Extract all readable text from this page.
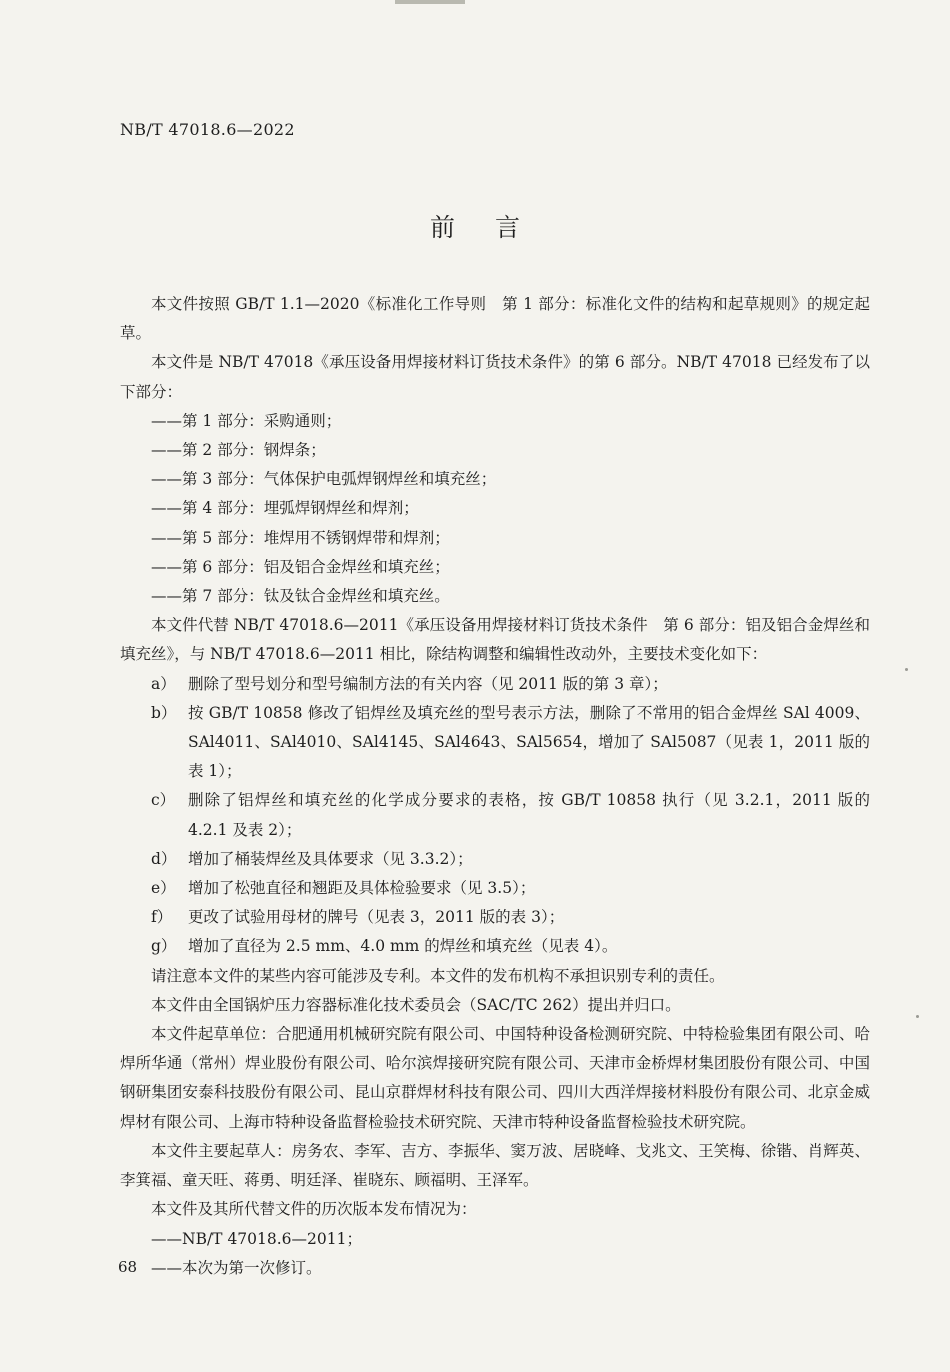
NB/T 47018.6—2022
前言
本文件按照 GB/T 1.1—2020《标准化工作导则　第 1 部分：标准化文件的结构和起草规则》的规定起草。
本文件是 NB/T 47018《承压设备用焊接材料订货技术条件》的第 6 部分。NB/T 47018 已经发布了以下部分：
——第 1 部分：采购通则；
——第 2 部分：钢焊条；
——第 3 部分：气体保护电弧焊钢焊丝和填充丝；
——第 4 部分：埋弧焊钢焊丝和焊剂；
——第 5 部分：堆焊用不锈钢焊带和焊剂；
——第 6 部分：铝及铝合金焊丝和填充丝；
——第 7 部分：钛及钛合金焊丝和填充丝。
本文件代替 NB/T 47018.6—2011《承压设备用焊接材料订货技术条件　第 6 部分：铝及铝合金焊丝和填充丝》，与 NB/T 47018.6—2011 相比，除结构调整和编辑性改动外，主要技术变化如下：
a） 删除了型号划分和型号编制方法的有关内容（见 2011 版的第 3 章）；
b） 按 GB/T 10858 修改了铝焊丝及填充丝的型号表示方法，删除了不常用的铝合金焊丝 SAl 4009、SAl4011、SAl4010、SAl4145、SAl4643、SAl5654，增加了 SAl5087（见表 1，2011 版的表 1）；
c） 删除了铝焊丝和填充丝的化学成分要求的表格，按 GB/T 10858 执行（见 3.2.1，2011 版的 4.2.1 及表 2）；
d） 增加了桶装焊丝及具体要求（见 3.3.2）；
e） 增加了松弛直径和翘距及具体检验要求（见 3.5）；
f）	更改了试验用母材的牌号（见表 3，2011 版的表 3）；
g） 增加了直径为 2.5 mm、4.0 mm 的焊丝和填充丝（见表 4）。
请注意本文件的某些内容可能涉及专利。本文件的发布机构不承担识别专利的责任。
本文件由全国锅炉压力容器标准化技术委员会（SAC/TC 262）提出并归口。
本文件起草单位：合肥通用机械研究院有限公司、中国特种设备检测研究院、中特检验集团有限公司、哈焊所华通（常州）焊业股份有限公司、哈尔滨焊接研究院有限公司、天津市金桥焊材集团股份有限公司、中国钢研集团安泰科技股份有限公司、昆山京群焊材科技有限公司、四川大西洋焊接材料股份有限公司、北京金威焊材有限公司、上海市特种设备监督检验技术研究院、天津市特种设备监督检验技术研究院。
本文件主要起草人：房务农、李军、吉方、李振华、窦万波、居晓峰、戈兆文、王笑梅、徐锴、肖辉英、李箕福、童天旺、蒋勇、明廷泽、崔晓东、顾福明、王泽军。
本文件及其所代替文件的历次版本发布情况为：
——NB/T 47018.6—2011；
——本次为第一次修订。
68
